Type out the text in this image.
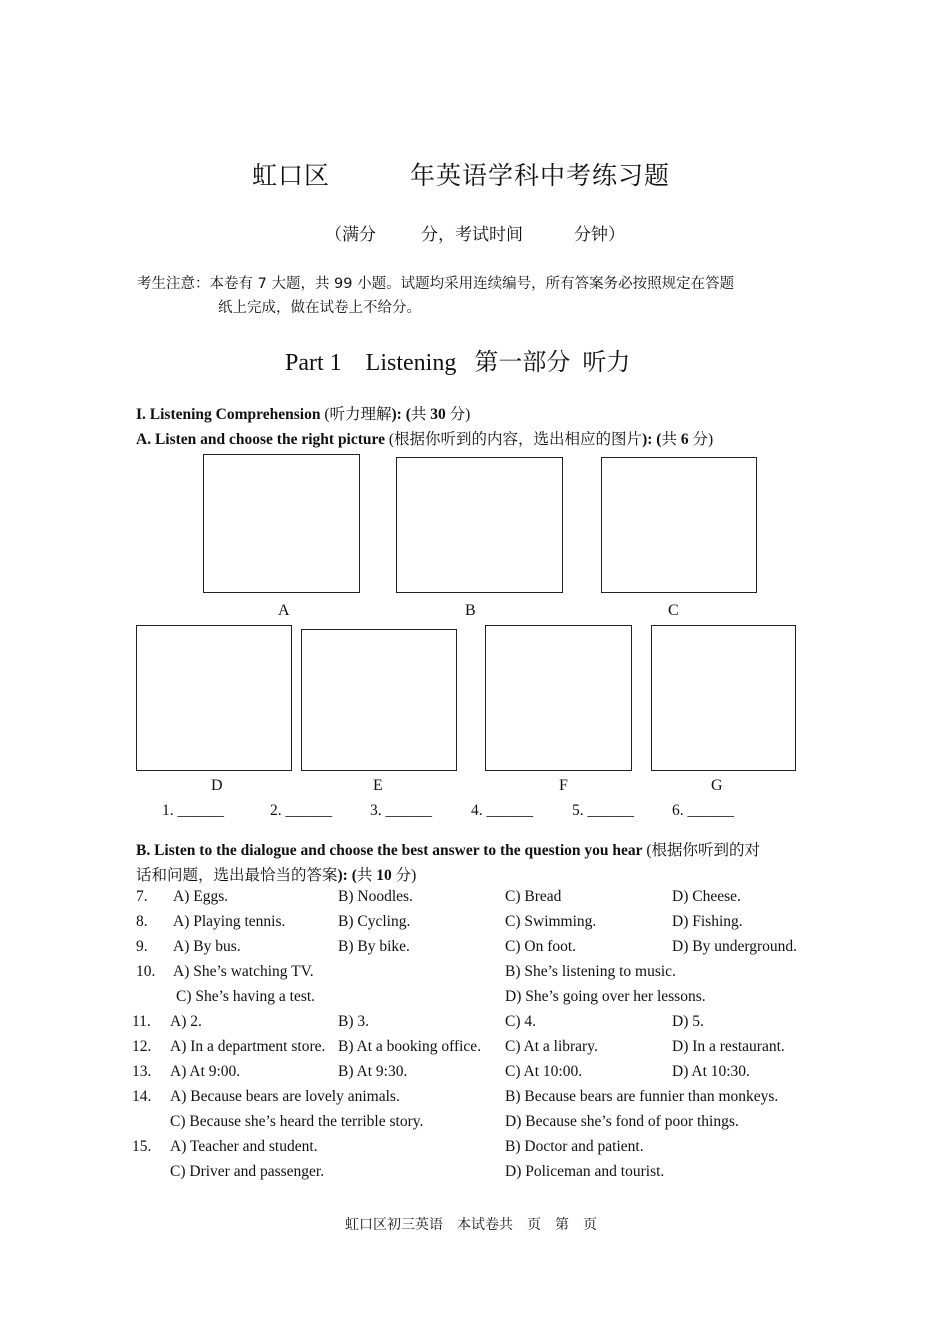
虹口区	年英语学科中考练习题
（满分	分，考试时间	分钟）
考生注意：本卷有 7 大题，共 99 小题。试题均采用连续编号，所有答案务必按照规定在答题
纸上完成，做在试卷上不给分。
Part 1    Listening   第一部分  听力
I. Listening Comprehension (听力理解): (共 30 分)
A. Listen and choose the right picture (根据你听到的内容，选出相应的图片): (共 6 分)
A	B	C
D	E	F	G
1. ______	2. ______ 3. ______	4. ______	5. ______ 6. ______
B. Listen to the dialogue and choose the best answer to the question you hear (根据你听到的对
话和问题，选出最恰当的答案): (共 10 分)
7. A) Eggs.	B) Noodles.	C) Bread	D) Cheese.
8. A) Playing tennis.	B) Cycling.	C) Swimming.	D) Fishing.
9. A) By bus.	B) By bike.	C) On foot.	D) By underground.
10. A) She’s watching TV.	B) She’s listening to music.
C) She’s having a test.	D) She’s going over her lessons.
11. A) 2.	B) 3.	C) 4.	D) 5.
12. A) In a department store. B) At a booking office. C) At a library.	D) In a restaurant.
13. A) At 9:00.	B) At 9:30.	C) At 10:00.	D) At 10:30.
14. A) Because bears are lovely animals.	B) Because bears are funnier than monkeys.
C) Because she’s heard the terrible story.	D) Because she’s fond of poor things.
15. A) Teacher and student.	B) Doctor and patient.
C) Driver and passenger.	D) Policeman and tourist.
虹口区初三英语    本试卷共    页    第    页
